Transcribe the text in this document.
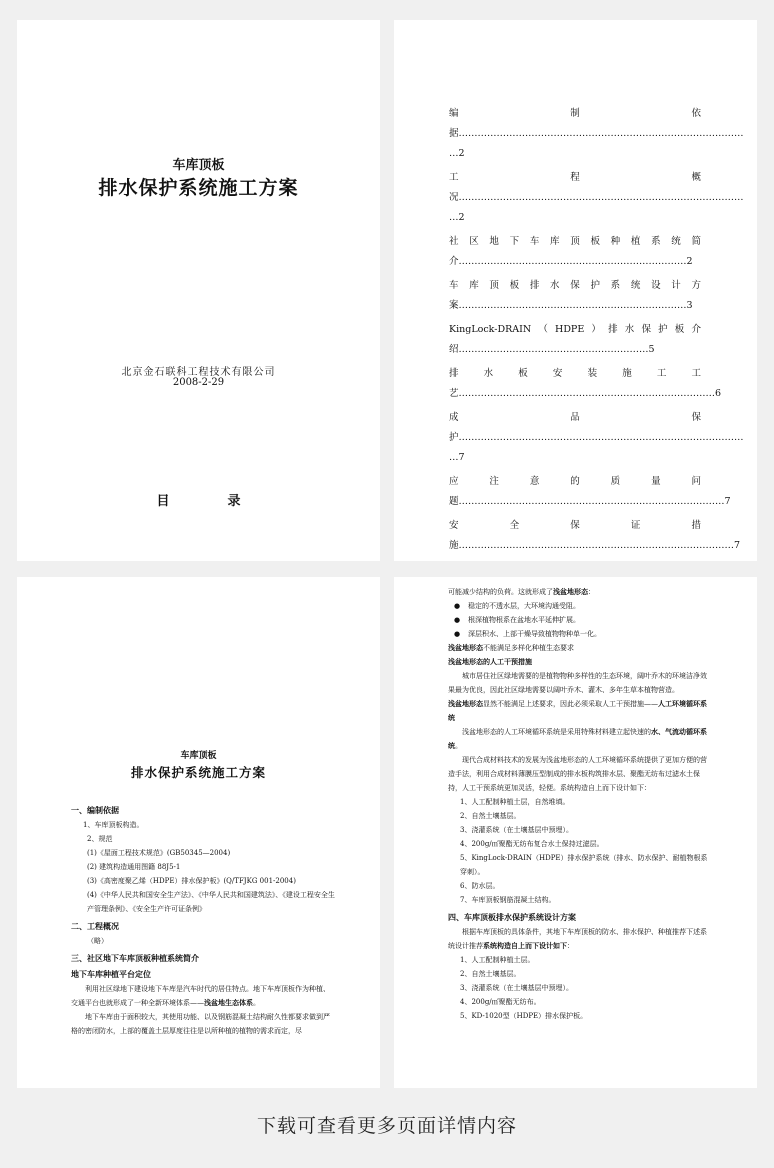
车库顶板
排水保护系统施工方案
北京金石联科工程技术有限公司
2008-2-29
目录
编制依
据………………………………………………………………………………
…2
工程概
况………………………………………………………………………………
…2
社区地下车库顶板种植系统简
介………………………………………………………………2
车库顶板排水保护系统设计方
案………………………………………………………………3
KingLock-DRAIN（HDPE）排水保护板介
绍……………………………………………………5
排水板安装施工工
艺………………………………………………………………………6
成品保
护………………………………………………………………………………
…7
应注意的质量问
题…………………………………………………………………………7
安全保证措
施……………………………………………………………………………7
车库顶板
排水保护系统施工方案
一、编制依据
1、车库顶板构造。
2、规范
(1)《屋面工程技术规范》(GB50345—2004)
(2) 建筑构造通用图籍 88J5-1
(3)《高密度聚乙烯（HDPE）排水保护板》(Q/TFJKG 001-2004)
(4)《中华人民共和国安全生产法》、《中华人民共和国建筑法》、《建设工程安全生产管理条例》、《安全生产许可证条例》
二、工程概况
（略）
三、社区地下车库顶板种植系统简介
地下车库种植平台定位
利用社区绿地下建设地下车库是汽车时代的居住特点。地下车库顶板作为种植、交通平台也就形成了一种全新环境体系——浅盆地生态体系。
地下车库由于面积较大，其使用功能、以及钢筋混凝土结构耐久性都要求做到严格的密闭防水，上部的覆盖土层厚度往往是以所种植的植物的需求而定，尽
可能减少结构的负荷。这就形成了浅盆地形态：
● 稳定的不透水层，大环境沟通受阻。
● 根深植物根系在盆地水平延伸扩展。
● 深层积水、上部干燥导致植物物种单一化。
浅盆地形态不能满足多样化种植生态要求
浅盆地形态的人工干预措施
城市居住社区绿地需要的是植物物种多样性的生态环境，阔叶乔木的环境洁净效果最为优良，因此社区绿地需要以阔叶乔木、灌木、多年生草本植物营造。
浅盆地形态显然不能满足上述要求，因此必须采取人工干预措施——人工环境循环系统
浅盆地形态的人工环境循环系统是采用特殊材料建立起快速的水、气流动循环系统。
现代合成材料技术的发展为浅盆地形态的人工环境循环系统提供了更加方便的营造手法，利用合成材料薄膜压型制成的排水板构筑排水层、聚酯无纺布过滤水土保持，人工干预系统更加灵活，轻便。系统构造自上而下设计如下：
1、人工配制种植土层，自然堆填。
2、自然土壤基层。
3、浇灌系统（在土壤基层中预埋）。
4、200g/㎡聚酯无纺布复合水土保持过滤层。
5、KingLock-DRAIN（HDPE）排水保护系统（排水、防水保护、耐植物根系穿刺）。
6、防水层。
7、车库顶板钢筋混凝土结构。
四、车库顶板排水保护系统设计方案
根据车库顶板的具体条件，其地下车库顶板的防水、排水保护、种植推荐下述系统设计推荐系统构造自上而下设计如下：
1、人工配制种植土层。
2、自然土壤基层。
3、浇灌系统（在土壤基层中预埋）。
4、200g/㎡聚酯无纺布。
5、KD-1020型（HDPE）排水保护板。
下载可查看更多页面详情内容
